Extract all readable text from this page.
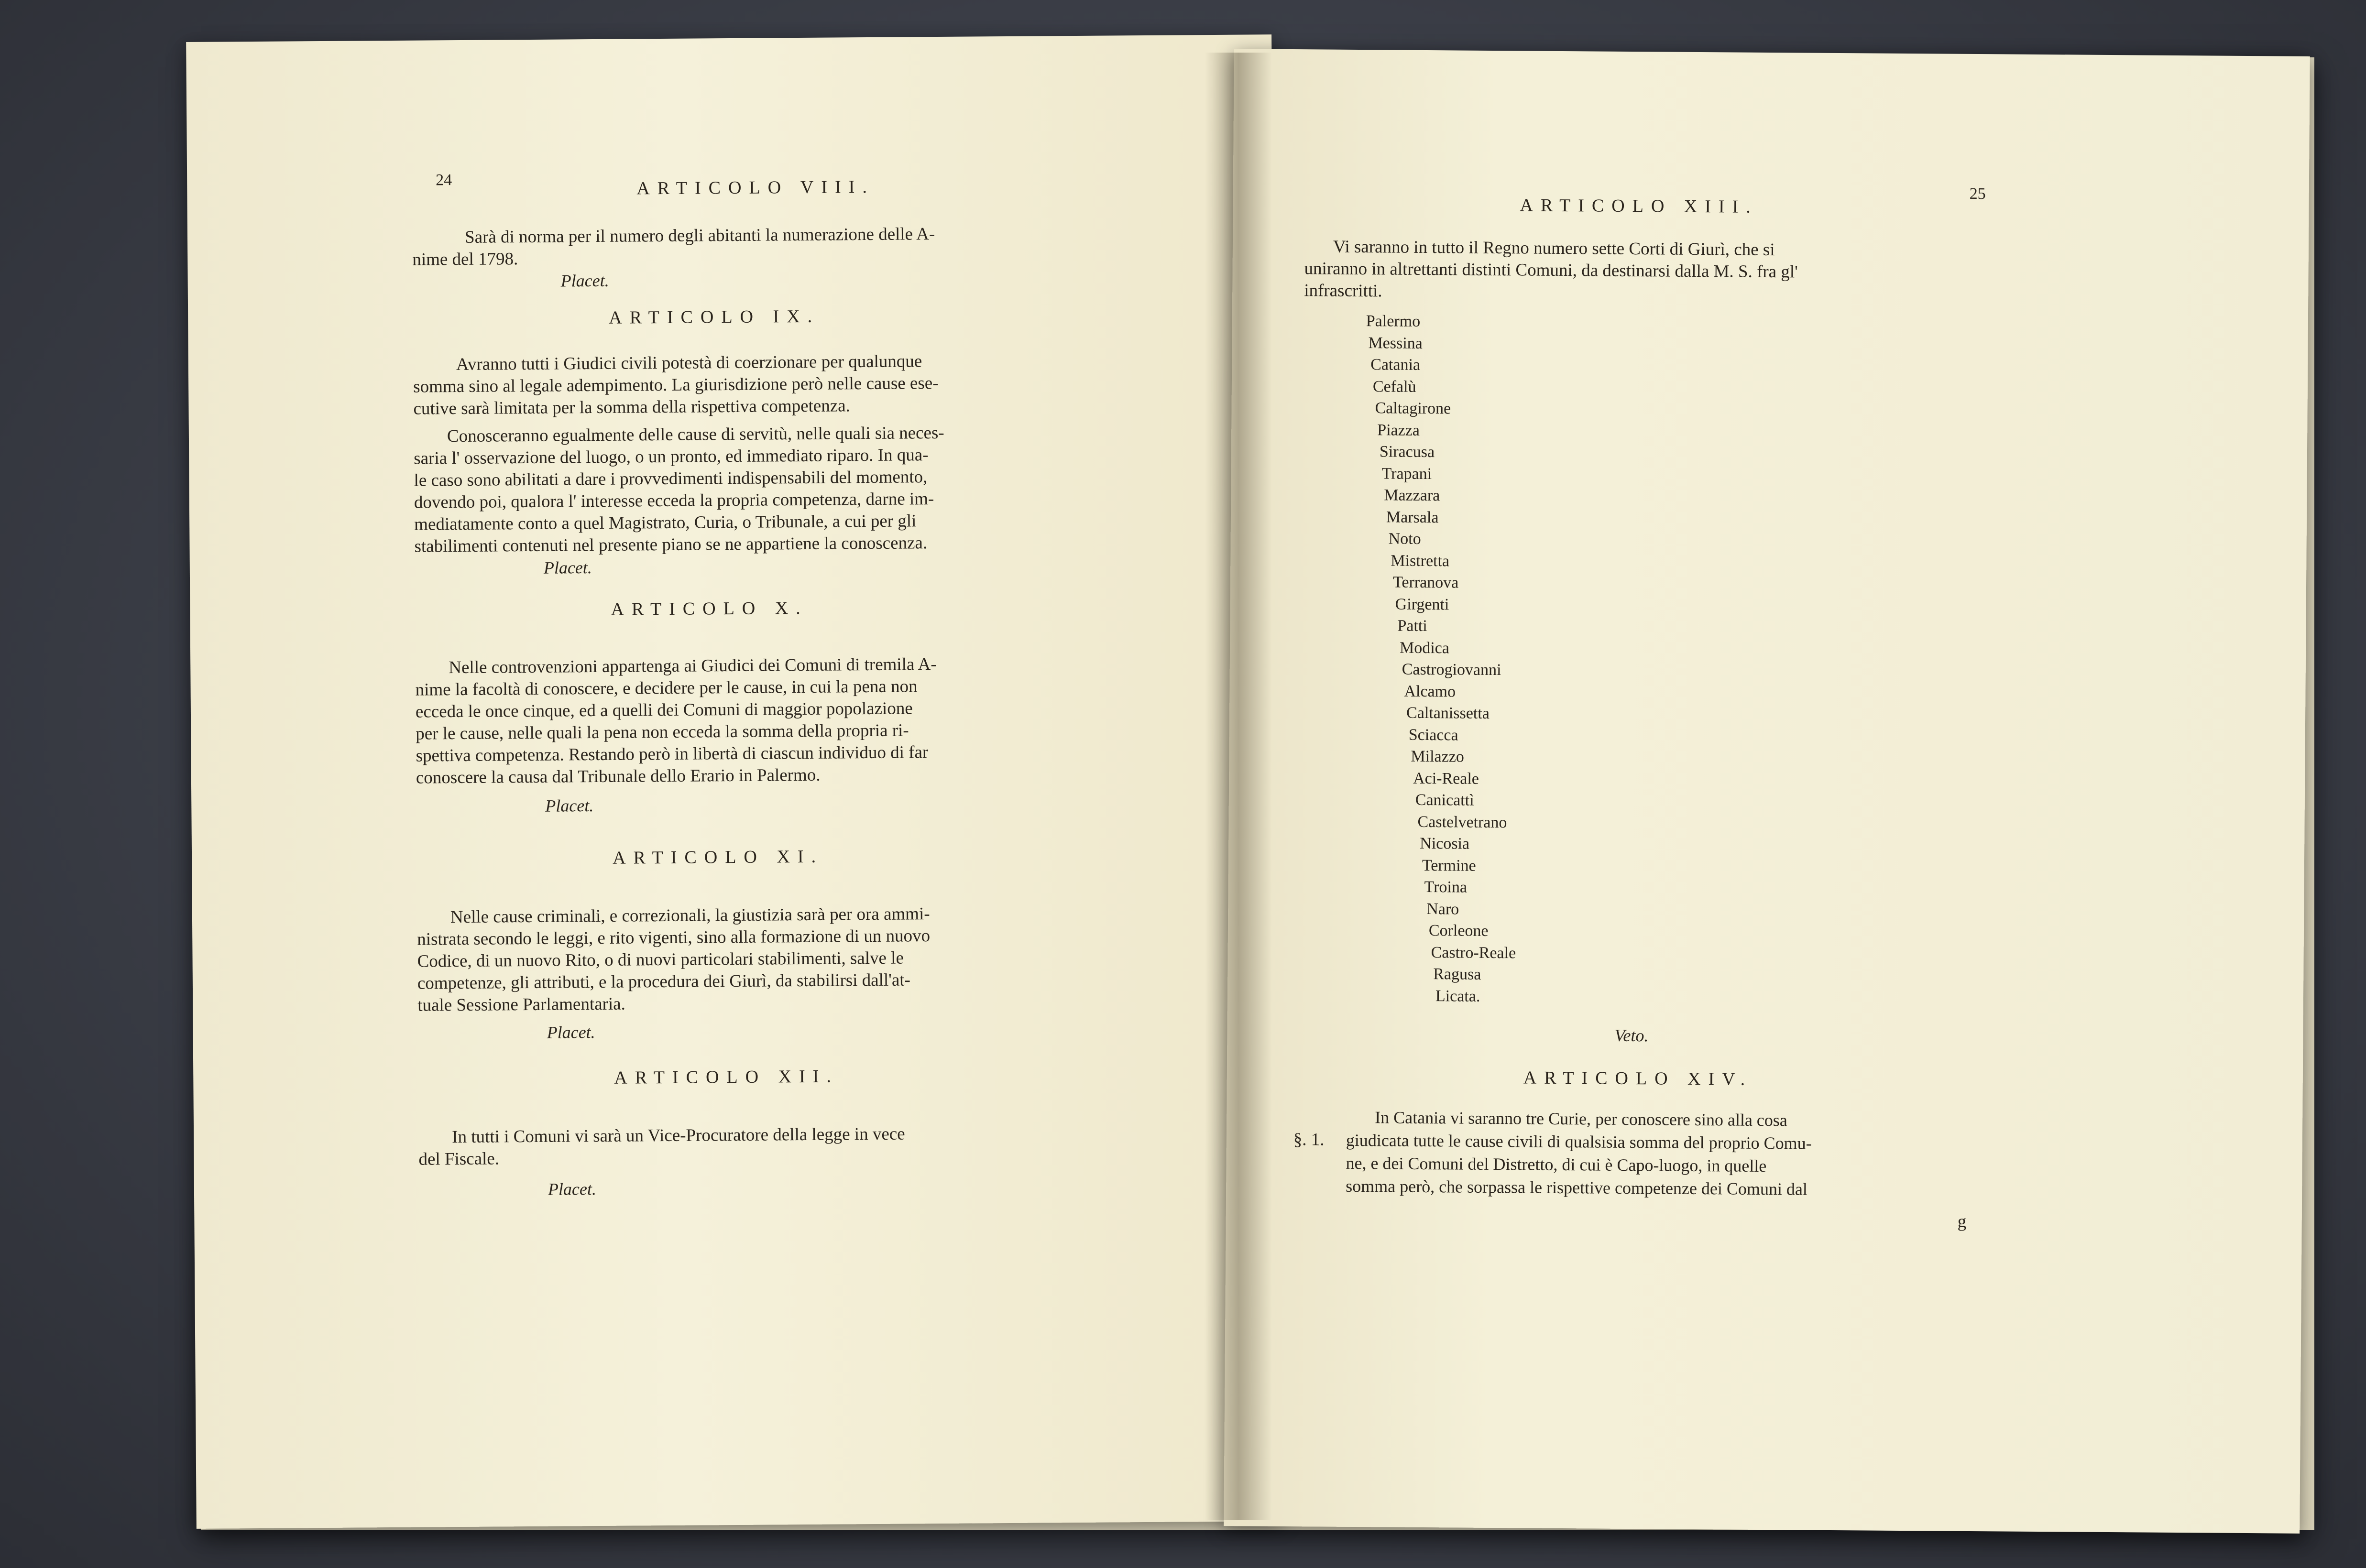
24	ARTICOLO VIII.
Sarà di norma per il numero degli abitanti la numerazione delle A-
nime del 1798.
Placet.
ARTICOLO IX.
Avranno tutti i Giudici civili potestà di coerzionare per qualunque
somma sino al legale adempimento. La giurisdizione però nelle cause ese-
cutive sarà limitata per la somma della rispettiva competenza.
Conosceranno egualmente delle cause di servitù, nelle quali sia neces-
saria l' osservazione del luogo, o un pronto, ed immediato riparo. In qua-
le caso sono abilitati a dare i provvedimenti indispensabili del momento,
dovendo poi, qualora l' interesse ecceda la propria competenza, darne im-
mediatamente conto a quel Magistrato, Curia, o Tribunale, a cui per gli
stabilimenti contenuti nel presente piano se ne appartiene la conoscenza.
Placet.
ARTICOLO X.
Nelle controvenzioni appartenga ai Giudici dei Comuni di tremila A-
nime la facoltà di conoscere, e decidere per le cause, in cui la pena non
ecceda le once cinque, ed a quelli dei Comuni di maggior popolazione
per le cause, nelle quali la pena non ecceda la somma della propria ri-
spettiva competenza. Restando però in libertà di ciascun individuo di far
conoscere la causa dal Tribunale dello Erario in Palermo.
Placet.
ARTICOLO XI.
Nelle cause criminali, e correzionali, la giustizia sarà per ora ammi-
nistrata secondo le leggi, e rito vigenti, sino alla formazione di un nuovo
Codice, di un nuovo Rito, o di nuovi particolari stabilimenti, salve le
competenze, gli attributi, e la procedura dei Giurì, da stabilirsi dall'at-
tuale Sessione Parlamentaria.
Placet.
ARTICOLO XII.
In tutti i Comuni vi sarà un Vice-Procuratore della legge in vece
del Fiscale.
Placet.
25
ARTICOLO XIII.
Vi saranno in tutto il Regno numero sette Corti di Giurì, che si
uniranno in altrettanti distinti Comuni, da destinarsi dalla M. S. fra gl'
infrascritti.
Palermo
Messina
Catania
Cefalù
Caltagirone
Piazza
Siracusa
Trapani
Mazzara
Marsala
Noto
Mistretta
Terranova
Girgenti
Patti
Modica
Castrogiovanni
Alcamo
Caltanissetta
Sciacca
Milazzo
Aci-Reale
Canicattì
Castelvetrano
Nicosia
Termine
Troina
Naro
Corleone
Castro-Reale
Ragusa
Licata.
Veto.
ARTICOLO XIV.
§. 1.
In Catania vi saranno tre Curie, per conoscere sino alla cosa
giudicata tutte le cause civili di qualsisia somma del proprio Comu-
ne, e dei Comuni del Distretto, di cui è Capo-luogo, in quelle
somma però, che sorpassa le rispettive competenze dei Comuni dal
g
